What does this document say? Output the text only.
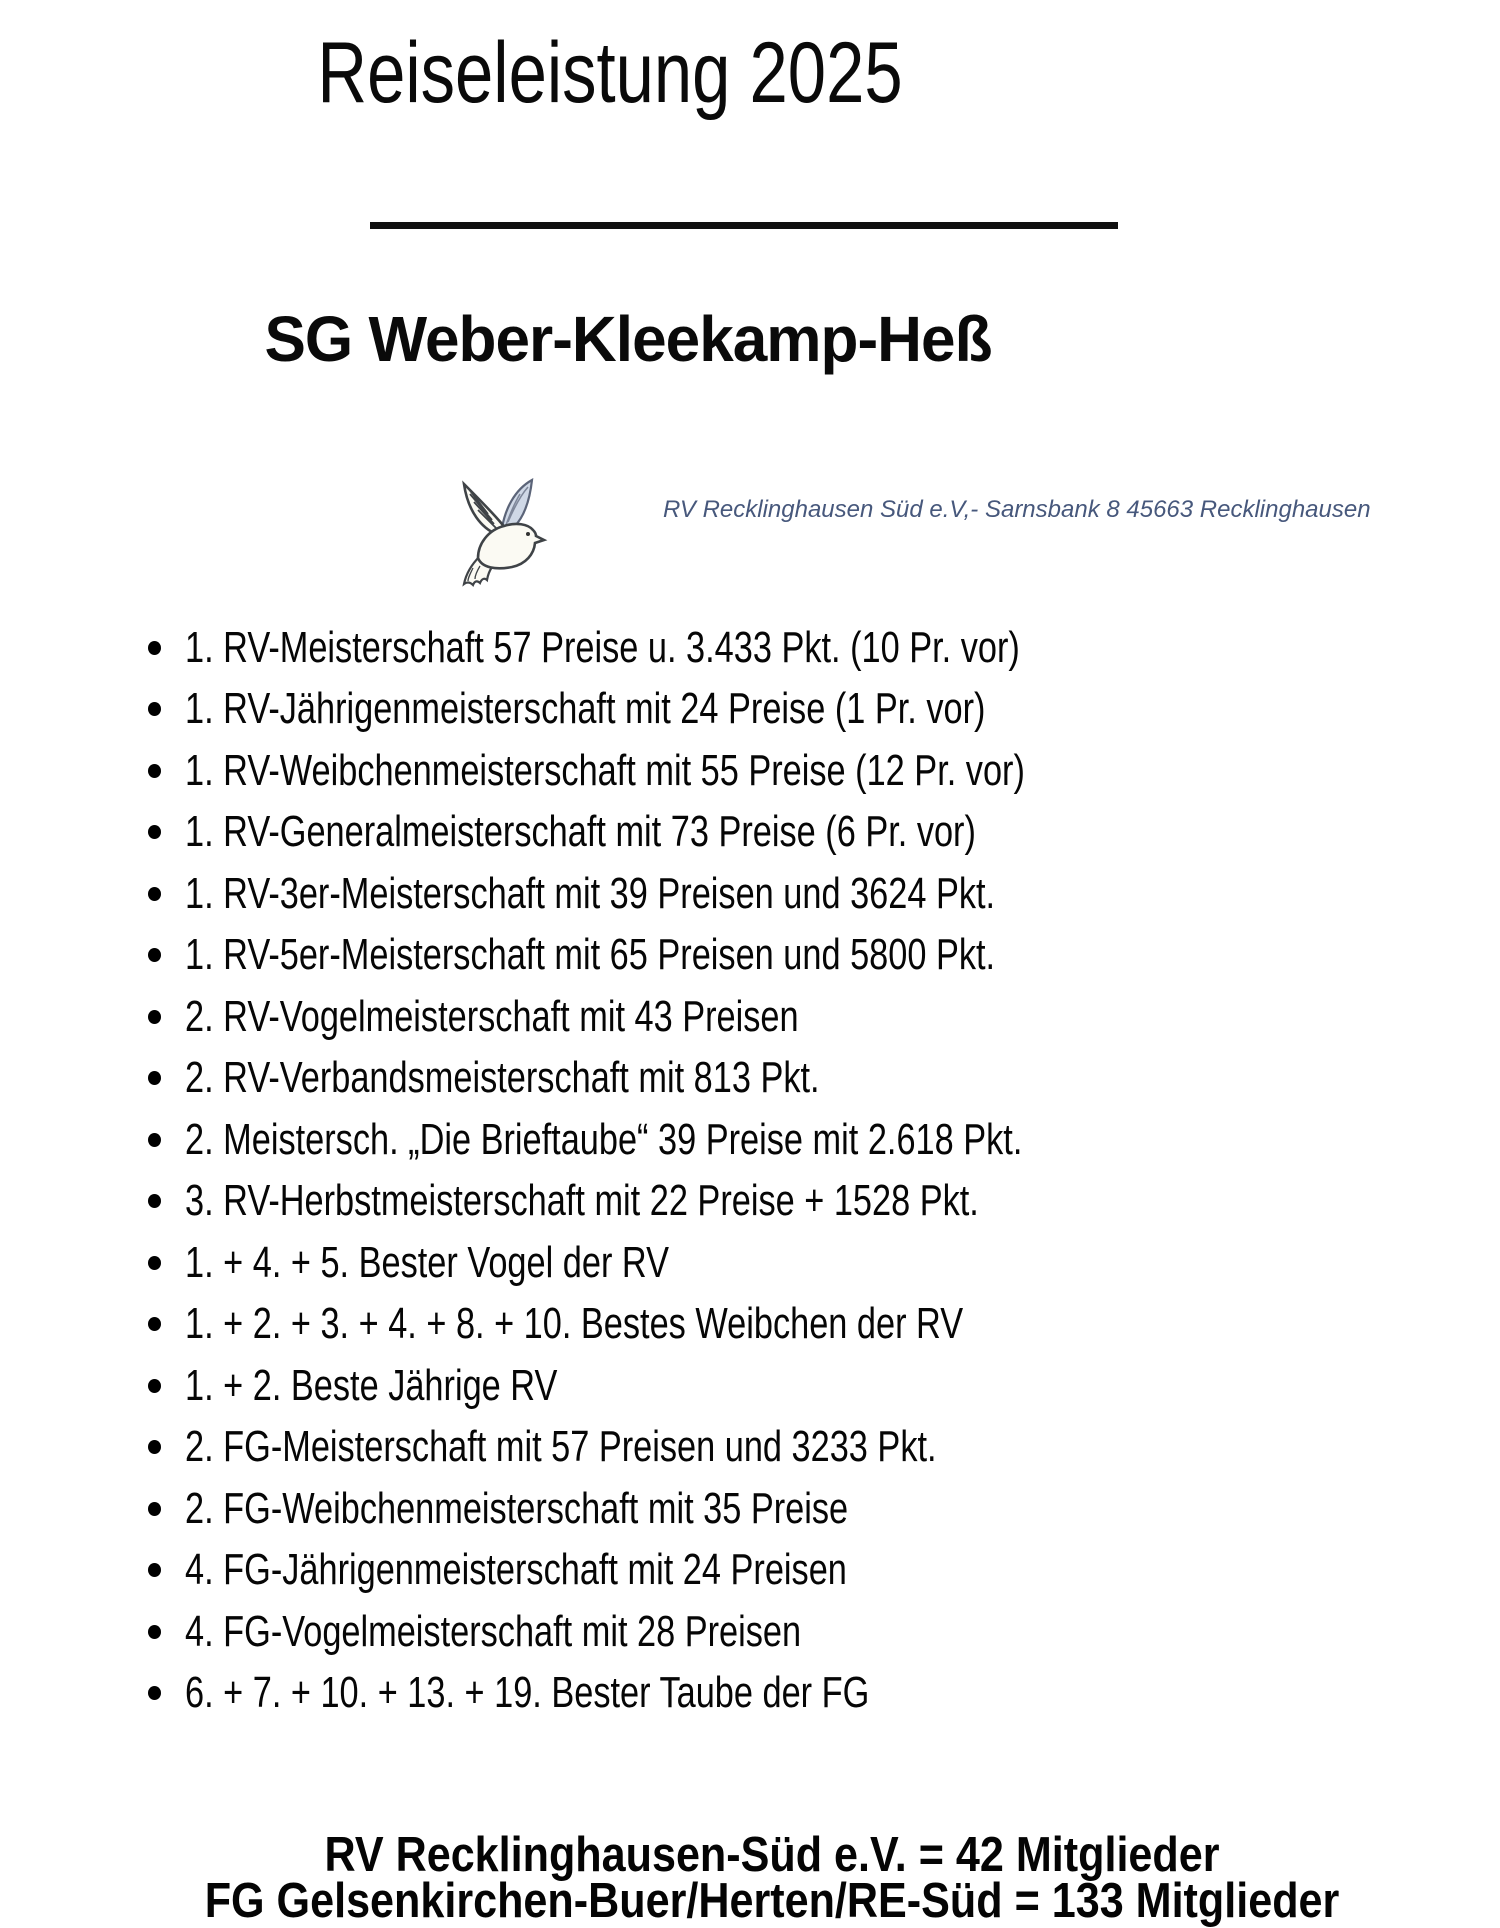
Reiseleistung 2025
SG Weber-Kleekamp-Heß
RV Recklinghausen Süd e.V,- Sarnsbank 8 45663 Recklinghausen
1. RV-Meisterschaft 57 Preise u. 3.433 Pkt. (10 Pr. vor)
1. RV-Jährigenmeisterschaft mit 24 Preise (1 Pr. vor)
1. RV-Weibchenmeisterschaft mit 55 Preise (12 Pr. vor)
1. RV-Generalmeisterschaft mit 73 Preise (6 Pr. vor)
1. RV-3er-Meisterschaft mit 39 Preisen und 3624 Pkt.
1. RV-5er-Meisterschaft mit 65 Preisen und 5800 Pkt.
2. RV-Vogelmeisterschaft mit 43 Preisen
2. RV-Verbandsmeisterschaft mit 813 Pkt.
2. Meistersch. „Die Brieftaube“ 39 Preise mit 2.618 Pkt.
3. RV-Herbstmeisterschaft mit 22 Preise + 1528 Pkt.
1. + 4. + 5. Bester Vogel der RV
1. + 2. + 3. + 4. + 8. + 10. Bestes Weibchen der RV
1. + 2. Beste Jährige RV
2. FG-Meisterschaft mit 57 Preisen und 3233 Pkt.
2. FG-Weibchenmeisterschaft mit 35 Preise
4. FG-Jährigenmeisterschaft mit 24 Preisen
4. FG-Vogelmeisterschaft mit 28 Preisen
6. + 7. + 10. + 13. + 19. Bester Taube der FG
RV Recklinghausen-Süd e.V. = 42 Mitglieder
FG Gelsenkirchen-Buer/Herten/RE-Süd = 133 Mitglieder
